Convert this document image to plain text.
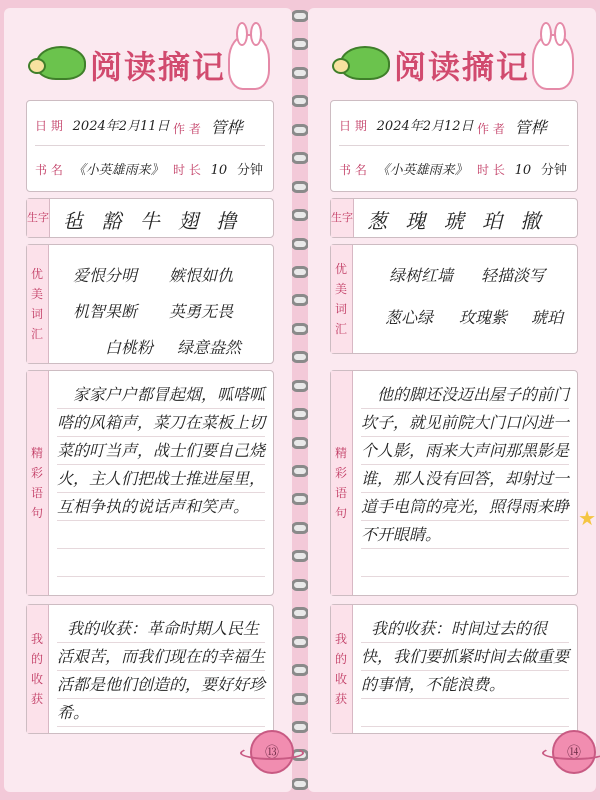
阅读摘记
日 期 2024年2月11日 作 者 管桦
书 名 《小英雄雨来》 时 长 10 分钟
生字 毡 豁 牛 翅 撸
优美词汇
爱恨分明 嫉恨如仇
机智果断 英勇无畏
白桃粉 绿意盎然
精彩语句
家家户户都冒起烟，呱嗒呱嗒的风箱声，菜刀在菜板上切菜的叮当声，战士们要自己烧火，主人们把战士推进屋里，互相争执的说话声和笑声。
我的收获
我的收获：革命时期人民生活艰苦，而我们现在的幸福生活都是他们创造的，要好好珍希。
⑬
阅读摘记
日 期 2024年2月12日 作 者 管桦
书 名 《小英雄雨来》 时 长 10 分钟
生字 葱 瑰 琥 珀 撤
优美词汇
绿树红墙 轻描淡写
葱心绿 玫瑰紫 琥珀
精彩语句
他的脚还没迈出屋子的前门坎子，就见前院大门口闪进一个人影，雨来大声问那黑影是谁，那人没有回答，却射过一道手电筒的亮光，照得雨来睁不开眼睛。
我的收获
我的收获：时间过去的很快，我们要抓紧时间去做重要的事情，不能浪费。
⑭
★
